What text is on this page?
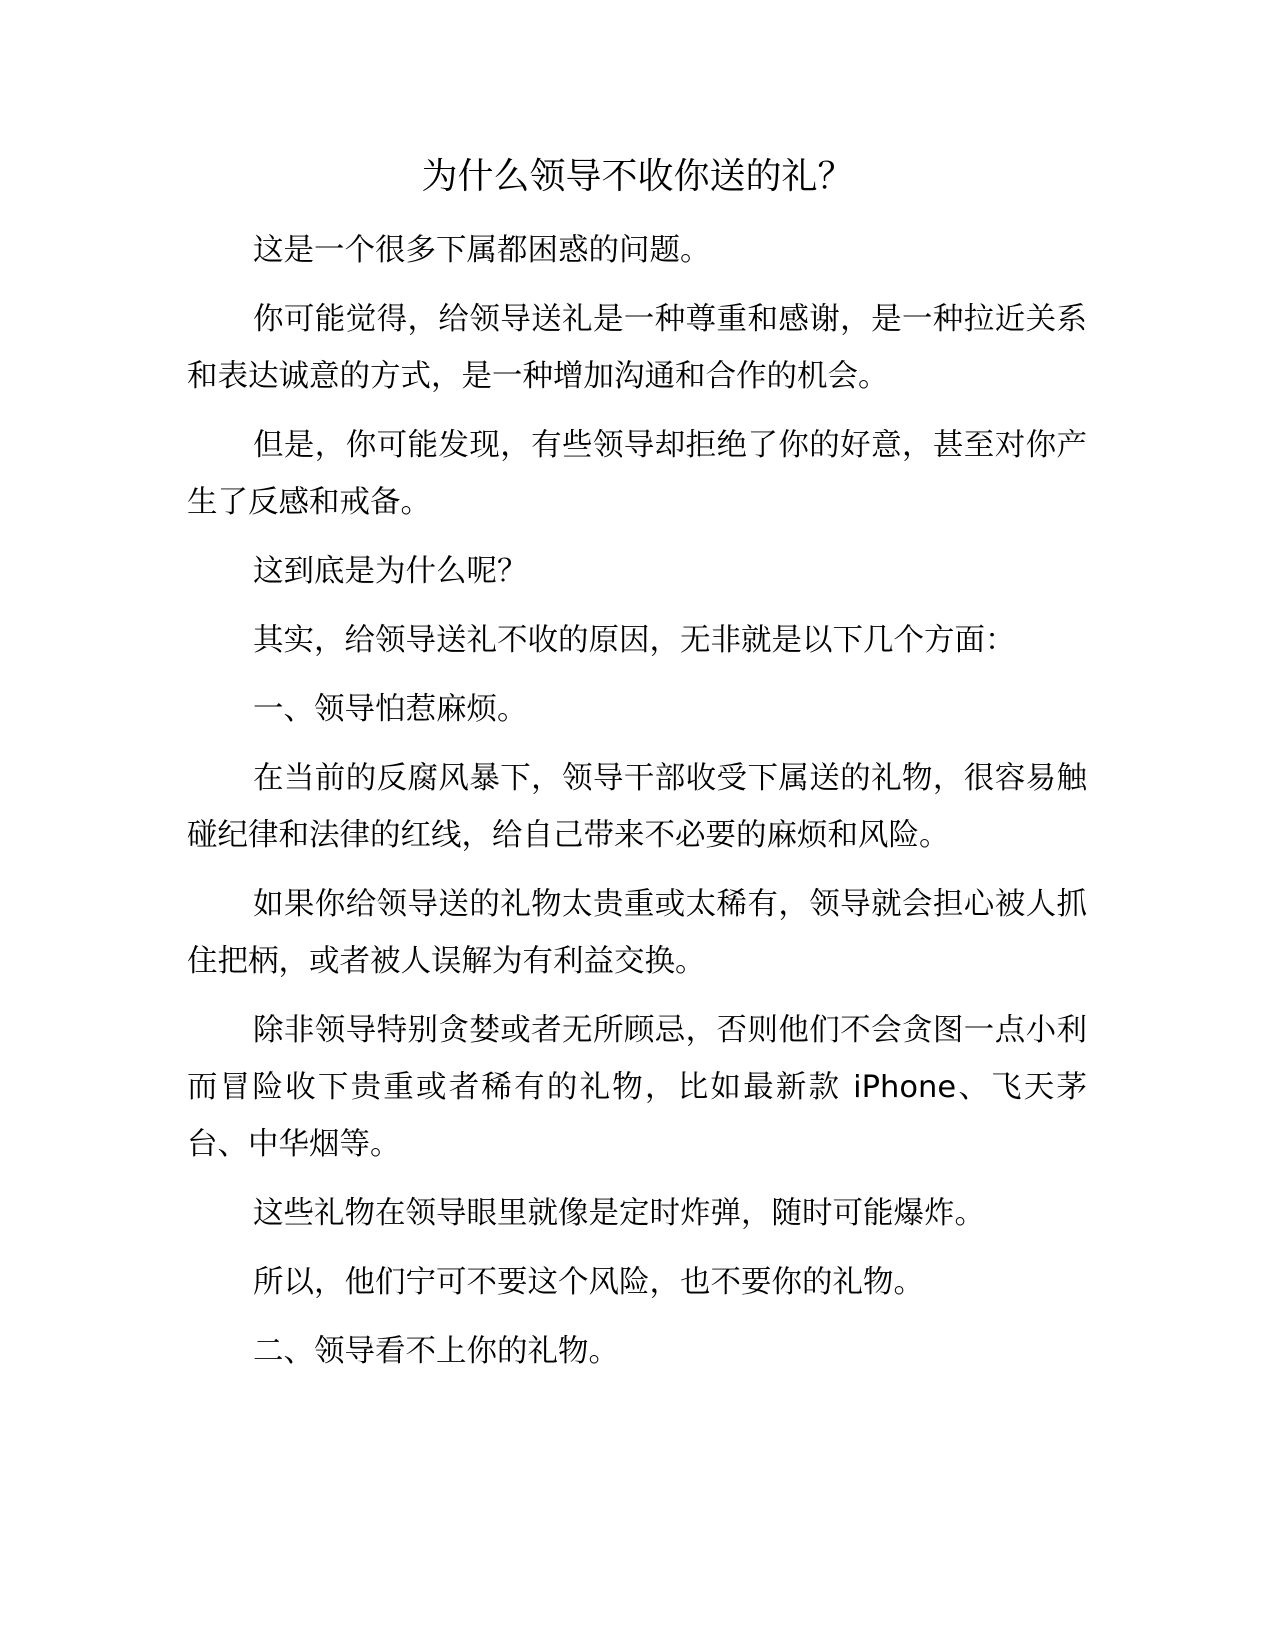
为什么领导不收你送的礼？

这是一个很多下属都困惑的问题。

你可能觉得，给领导送礼是一种尊重和感谢，是一种拉近关系和表达诚意的方式，是一种增加沟通和合作的机会。

但是，你可能发现，有些领导却拒绝了你的好意，甚至对你产生了反感和戒备。

这到底是为什么呢？

其实，给领导送礼不收的原因，无非就是以下几个方面：

一、领导怕惹麻烦。

在当前的反腐风暴下，领导干部收受下属送的礼物，很容易触碰纪律和法律的红线，给自己带来不必要的麻烦和风险。

如果你给领导送的礼物太贵重或太稀有，领导就会担心被人抓住把柄，或者被人误解为有利益交换。

除非领导特别贪婪或者无所顾忌，否则他们不会贪图一点小利而冒险收下贵重或者稀有的礼物，比如最新款 iPhone、飞天茅台、中华烟等。

这些礼物在领导眼里就像是定时炸弹，随时可能爆炸。

所以，他们宁可不要这个风险，也不要你的礼物。

二、领导看不上你的礼物。
